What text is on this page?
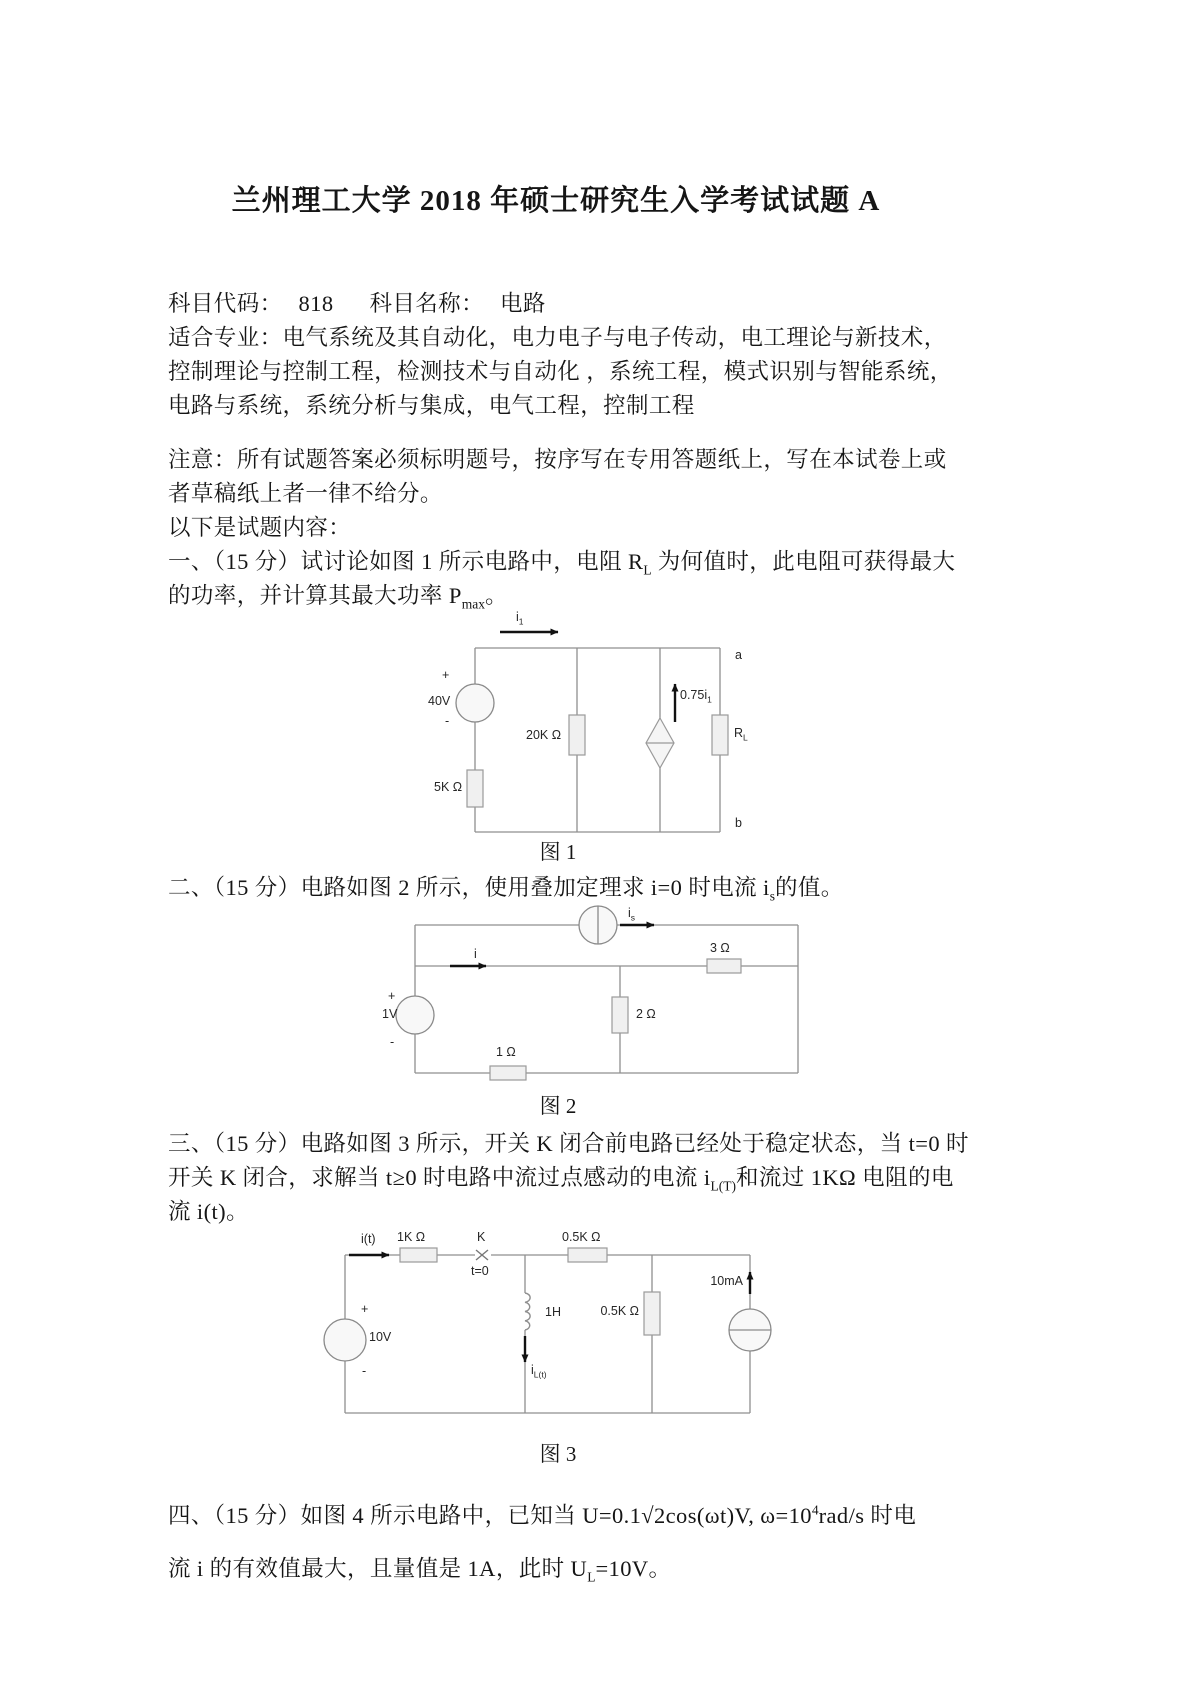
兰州理工大学 2018 年硕士研究生入学考试试题 A
科目代码： 818 科目名称： 电路
适合专业：电气系统及其自动化，电力电子与电子传动，电工理论与新技术，
控制理论与控制工程，检测技术与自动化 ，系统工程，模式识别与智能系统，
电路与系统，系统分析与集成，电气工程，控制工程
注意：所有试题答案必须标明题号，按序写在专用答题纸上，写在本试卷上或
者草稿纸上者一律不给分。
以下是试题内容：
一、（15 分）试讨论如图 1 所示电路中，电阻 $R_L$ 为何值时，此电阻可获得最大
的功率，并计算其最大功率 $P_{max}$。
$i_1$
+
40V
-
5K Ω
20K Ω
$0.75i_1$
$R_L$
a
b
图 1
二、（15 分）电路如图 2 所示，使用叠加定理求 i=0 时电流 $i_s$的值。
$i_s$
i	3 Ω
2 Ω
1 Ω
+
1V
-
图 2
三、（15 分）电路如图 3 所示，开关 K 闭合前电路已经处于稳定状态，当 t=0 时
开关 K 闭合，求解当 t≥0 时电路中流过点感动的电流 $i_{L(T)}$和流过 1KΩ 电阻的电
流 i(t)。
i(t) 1K Ω	K
t=0
0.5K Ω
1H
$i_{L(t)}$
0.5K Ω
10mA
+
10V
-
图 3
四、（15 分）如图 4 所示电路中，已知当 U=0.1√2cos(ωt)V, $\omega=10^4rad/s$ 时电
流 i 的有效值最大，且量值是 1A，此时 $U_L=10V$。
